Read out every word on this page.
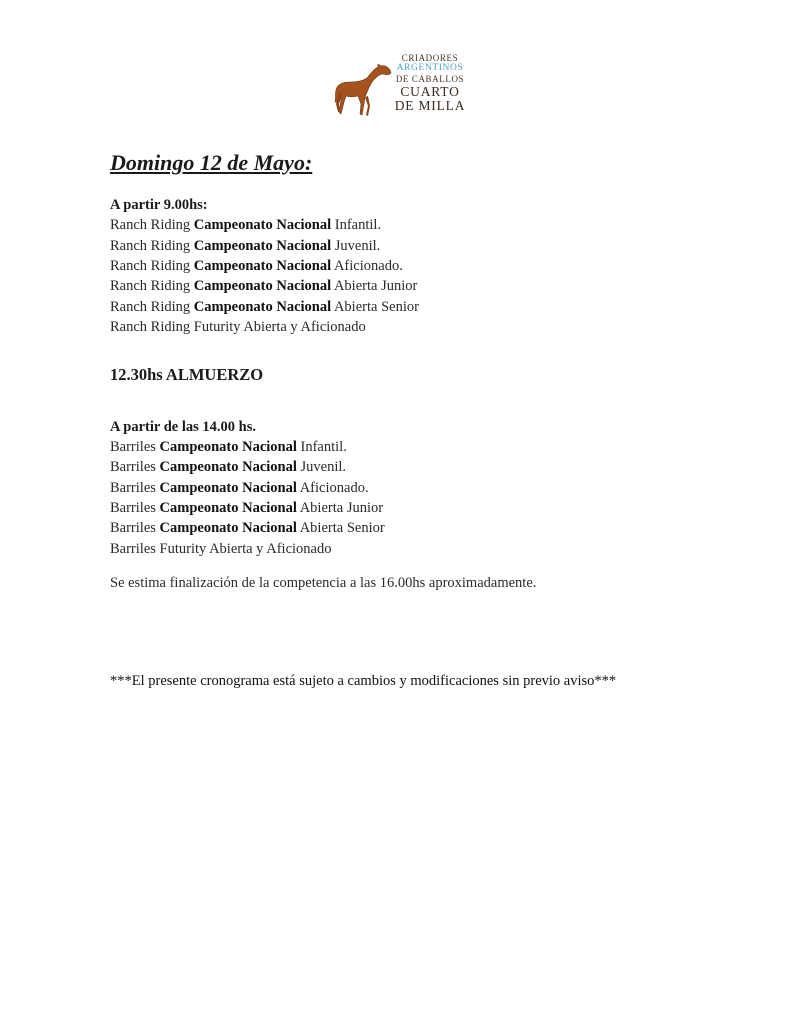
CRIADORES
ARGENTINOS
DE CABALLOS
CUARTO
DE MILLA
Domingo 12 de Mayo:
A partir 9.00hs:
Ranch Riding Campeonato Nacional Infantil.
Ranch Riding Campeonato Nacional Juvenil.
Ranch Riding Campeonato Nacional Aficionado.
Ranch Riding Campeonato Nacional Abierta Junior
Ranch Riding Campeonato Nacional Abierta Senior
Ranch Riding Futurity Abierta y Aficionado
12.30hs ALMUERZO
A partir de las 14.00 hs.
Barriles Campeonato Nacional Infantil.
Barriles Campeonato Nacional Juvenil.
Barriles Campeonato Nacional Aficionado.
Barriles Campeonato Nacional Abierta Junior
Barriles Campeonato Nacional Abierta Senior
Barriles Futurity Abierta y Aficionado
Se estima finalización de la competencia a las 16.00hs aproximadamente.
***El presente cronograma está sujeto a cambios y modificaciones sin previo aviso***
